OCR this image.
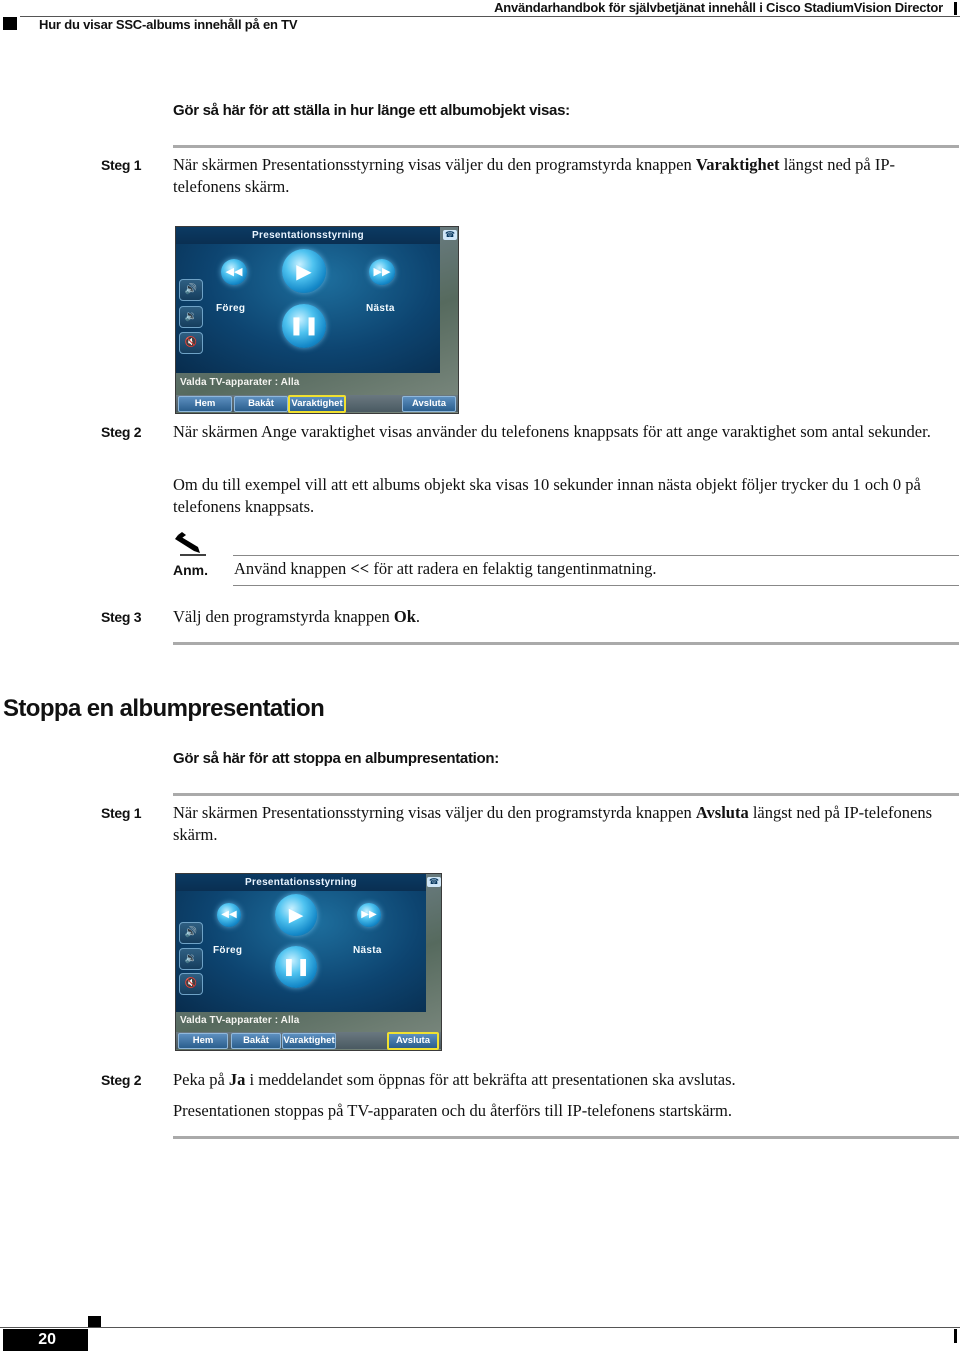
Användarhandbok för självbetjänat innehåll i Cisco StadiumVision Director
Hur du visar SSC-albums innehåll på en TV
Gör så här för att ställa in hur länge ett albumobjekt visas:
Steg 1 När skärmen Presentationsstyrning visas väljer du den programstyrda knappen Varaktighet längst ned på IP-telefonens skärm.
Presentationsstyrning
◀◀	▶	▶▶
❚❚
Föreg	Nästa
🔊
🔉
🔇
☎
Valda TV-apparater : Alla
Hem	Bakåt	Varaktighet	Avsluta
Steg 2 När skärmen Ange varaktighet visas använder du telefonens knappsats för att ange varaktighet som antal sekunder.
Om du till exempel vill att ett albums objekt ska visas 10 sekunder innan nästa objekt följer trycker du 1 och 0 på telefonens knappsats.
Anm. Använd knappen << för att radera en felaktig tangentinmatning.
Steg 3 Välj den programstyrda knappen Ok.
Stoppa en albumpresentation
Gör så här för att stoppa en albumpresentation:
Steg 1 När skärmen Presentationsstyrning visas väljer du den programstyrda knappen Avsluta längst ned på IP-telefonens skärm.
Presentationsstyrning
◀◀	▶	▶▶
❚❚
Föreg	Nästa
🔊
🔉
🔇
☎
Valda TV-apparater : Alla
Hem	Bakåt	Varaktighet	Avsluta
Steg 2 Peka på Ja i meddelandet som öppnas för att bekräfta att presentationen ska avslutas.
Presentationen stoppas på TV-apparaten och du återförs till IP-telefonens startskärm.
20
